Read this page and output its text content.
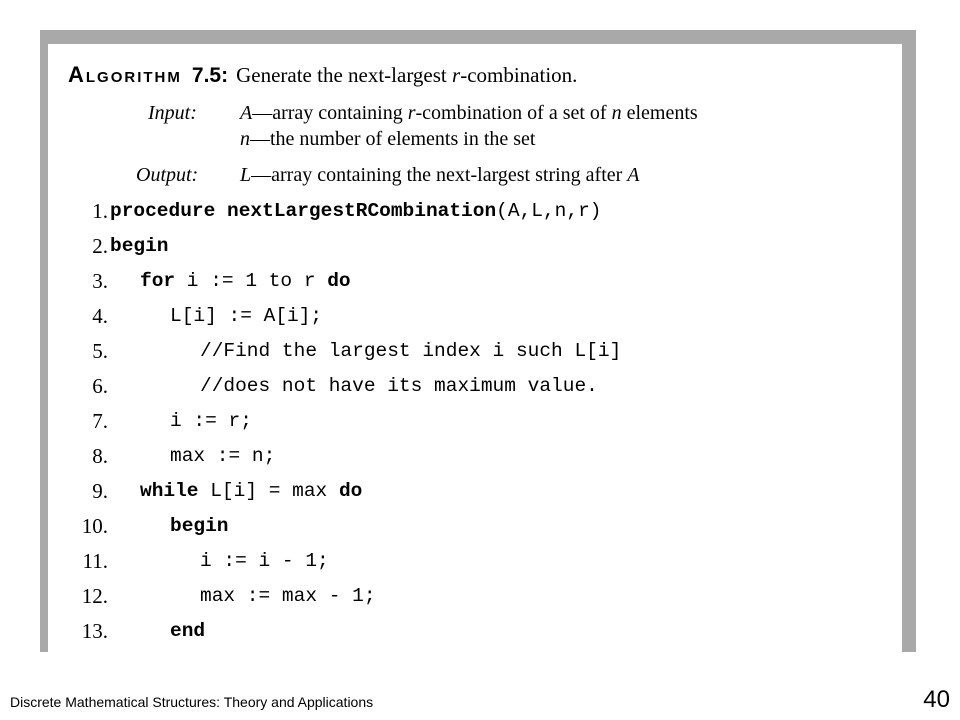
Algorithm 7.5: Generate the next-largest r-combination.
Input: A—array containing r-combination of a set of n elements
n—the number of elements in the set
Output: L—array containing the next-largest string after A
1. procedure nextLargestRCombination(A,L,n,r)
2. begin
3. for i := 1 to r do
4.	L[i] := A[i];
5.	//Find the largest index i such L[i]
6.	//does not have its maximum value.
7.	i := r;
8.	max := n;
9. while L[i] = max do
10.	begin
11.	i := i - 1;
12.	max := max - 1;
13.	end
Discrete Mathematical Structures: Theory and Applications	40
